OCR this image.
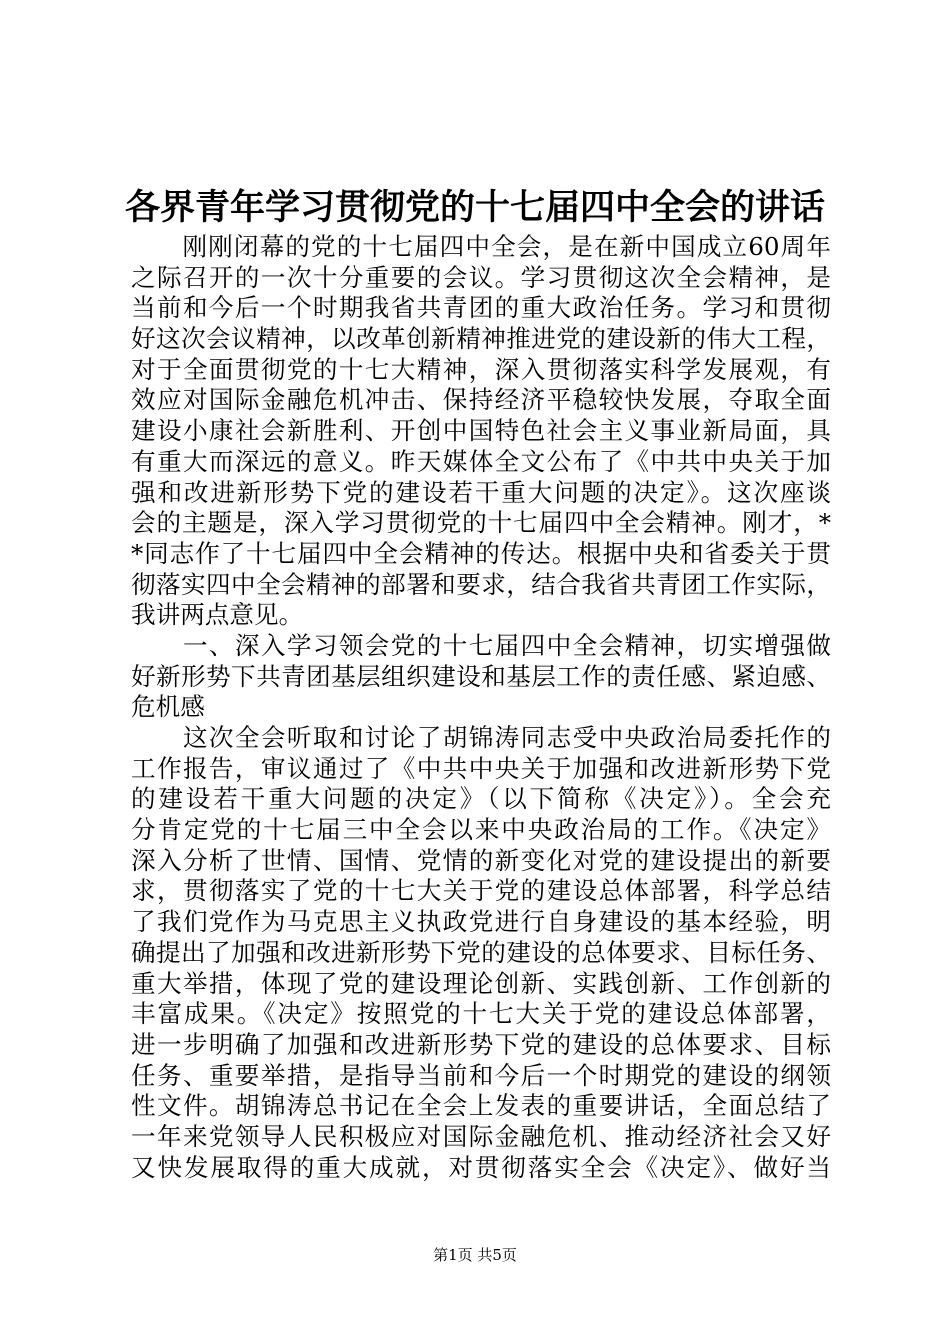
各界青年学习贯彻党的十七届四中全会的讲话
　　刚刚闭幕的党的十七届四中全会，是在新中国成立60周年
之际召开的一次十分重要的会议。学习贯彻这次全会精神，是
当前和今后一个时期我省共青团的重大政治任务。学习和贯彻
好这次会议精神，以改革创新精神推进党的建设新的伟大工程，
对于全面贯彻党的十七大精神，深入贯彻落实科学发展观，有
效应对国际金融危机冲击、保持经济平稳较快发展，夺取全面
建设小康社会新胜利、开创中国特色社会主义事业新局面，具
有重大而深远的意义。昨天媒体全文公布了《中共中央关于加
强和改进新形势下党的建设若干重大问题的决定》。这次座谈
会的主题是，深入学习贯彻党的十七届四中全会精神。刚才，*
*同志作了十七届四中全会精神的传达。根据中央和省委关于贯
彻落实四中全会精神的部署和要求，结合我省共青团工作实际，
我讲两点意见。
　　一、深入学习领会党的十七届四中全会精神，切实增强做
好新形势下共青团基层组织建设和基层工作的责任感、紧迫感、
危机感
　　这次全会听取和讨论了胡锦涛同志受中央政治局委托作的
工作报告，审议通过了《中共中央关于加强和改进新形势下党
的建设若干重大问题的决定》（以下简称《决定》）。全会充
分肯定党的十七届三中全会以来中央政治局的工作。《决定》
深入分析了世情、国情、党情的新变化对党的建设提出的新要
求，贯彻落实了党的十七大关于党的建设总体部署，科学总结
了我们党作为马克思主义执政党进行自身建设的基本经验，明
确提出了加强和改进新形势下党的建设的总体要求、目标任务、
重大举措，体现了党的建设理论创新、实践创新、工作创新的
丰富成果。《决定》按照党的十七大关于党的建设总体部署，
进一步明确了加强和改进新形势下党的建设的总体要求、目标
任务、重要举措，是指导当前和今后一个时期党的建设的纲领
性文件。胡锦涛总书记在全会上发表的重要讲话，全面总结了
一年来党领导人民积极应对国际金融危机、推动经济社会又好
又快发展取得的重大成就，对贯彻落实全会《决定》、做好当
第1页 共5页
